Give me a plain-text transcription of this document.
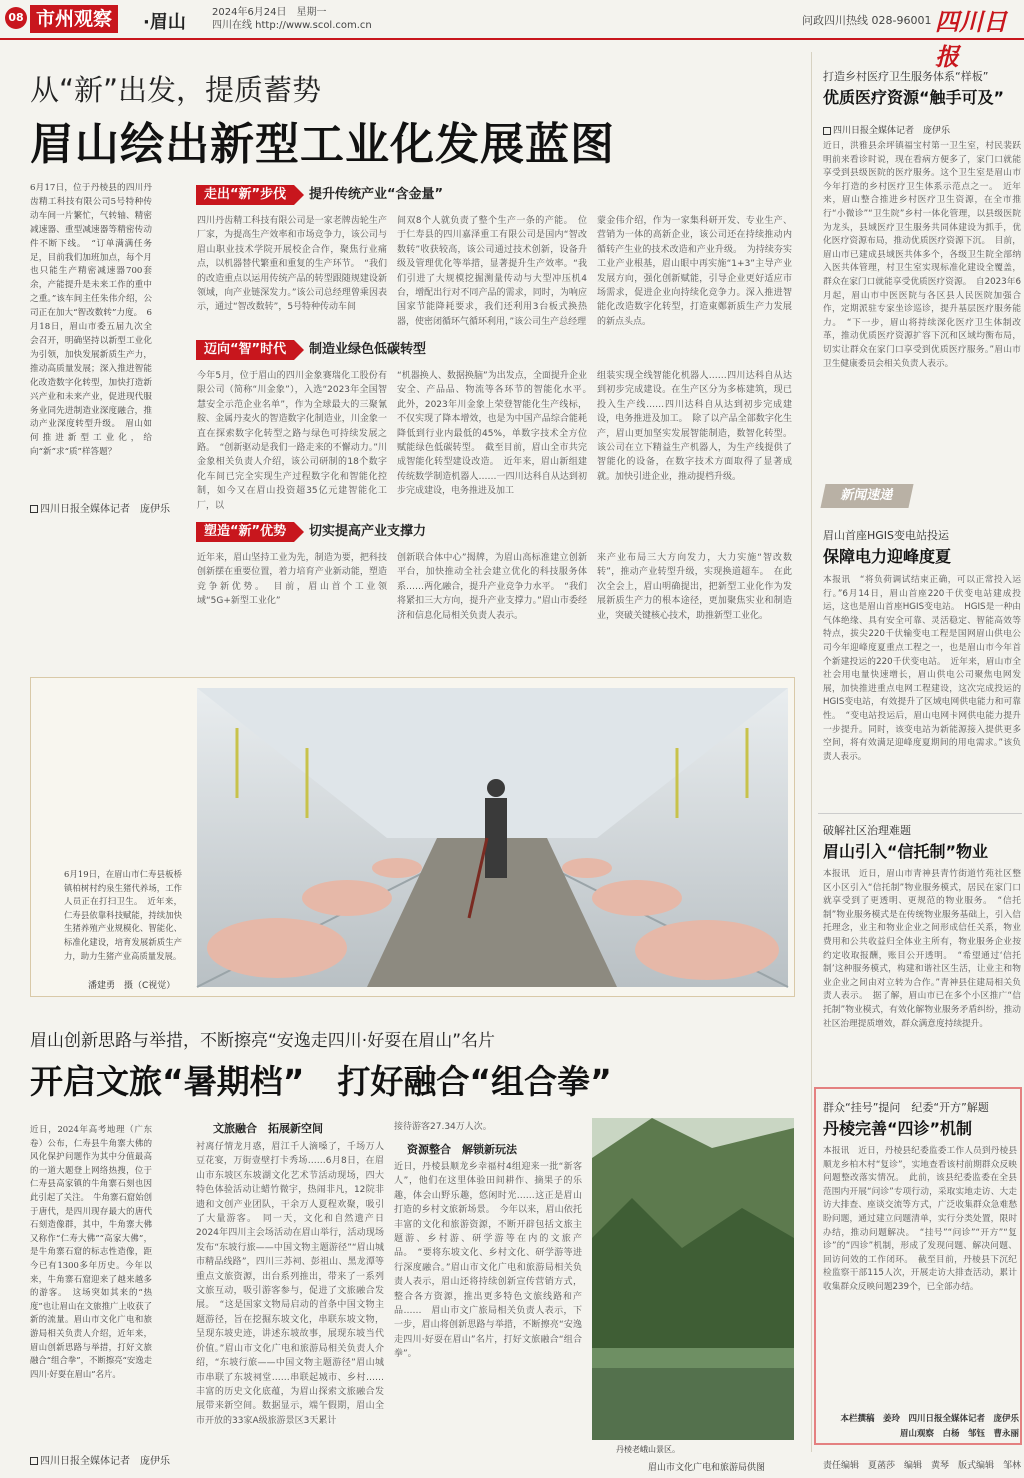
08 市州观察	·眉山	2024年6月24日　星期一
四川在线 http://www.scol.com.cn	问政四川热线 028-96001 四川日报
从“新”出发，提质蓄势
眉山绘出新型工业化发展蓝图
6月17日，位于丹棱县的四川丹齿精工科技有限公司5号特种传动车间一片繁忙，气转轴、精密减速器、重型减速器等精密传动件不断下线。　“订单满满任务足，目前我们加班加点，每个月也只能生产精密减速器700套余，产能提升是未来工作的重中之重。”该车间主任朱伟介绍，公司正在加大“智改数转”力度。　6月18日，眉山市委五届九次全会召开，明确坚持以新型工业化为引领，加快发展新质生产力，推动高质量发展；深入推进智能化改造数字化转型，加快打造新兴产业和未来产业，促进现代服务业同先进制造业深度融合，推动产业深度转型升级。　眉山如何推进新型工业化，给向“新”求“质”样答题？
四川日报全媒体记者　庞伊乐
走出“新”步伐	提升传统产业“含金量”
四川丹齿精工科技有限公司是一家老牌齿轮生产厂家，为提高生产效率和市场竞争力，该公司与眉山职业技术学院开展校企合作，聚焦行业痛点，以机器替代繁重和重复的生产环节。　“我们的改造重点以运用传统产品的转型跟随规建设新领域，向产业链深发力。”该公司总经理曾乘因表示，通过“智改数转”，5号特种传动车间
间双8个人就负责了整个生产一条的产能。　位于仁寿县的四川嘉泽重工有限公司是国内“智改数转”收获较高，该公司通过技术创新，设备升级及管理优化等举措，显著提升生产效率。“我们引进了大规模挖掘测量传动与大型冲压机4台，增配出行对不同产品的需求，同时，为响应国家节能降耗要求，我们还利用3台板式换热器，使密闭循环气循环利用，”该公司生产总经理
蒙金伟介绍，作为一家集科研开发、专业生产、营销为一体的高新企业，该公司还在持续推动内循转产生业的技术改造和产业升级。　为持续夯实工业产业根基，眉山眼中再实施“1+3”主导产业发展方向，强化创新赋能，引导企业更好适应市场需求，促进企业向持续化竞争力。深入推进智能化改造数字化转型，打造東鄭新质生产力发展的新点头点。
迈向“智”时代	制造业绿色低碳转型
今年5月，位于眉山的四川金象赛瑞化工股份有限公司（简称“川金象”），入选“2023年全国智慧安全示范企业名单”，作为全球最大的三聚氰胺、金属丹麦火的智造数字化制造业，川金象一直在探索数字化转型之路与绿色可持续发展之路。　“创新驱动是我们一路走来的不懈动力。”川金象相关负责人介绍，该公司研制的18个数字化车间已完全实现生产过程数字化和智能化控制，如今又在眉山投资超35亿元建智能化工厂，以
“机器换人、数据换脑”为出发点，全面提升企业安全、产品品、物流等各环节的智能化水平。　此外，2023年川金象上荣登智能化生产线标，不仅实现了降本增效，也是为中国产品综合能耗降低到行业内最低的45%，单数字技术全方位赋能绿色低碳转型。　截至目前，眉山全市共完成智能化转型建设改造。　近年来，眉山新组建传统数学制造机器人……一四川达科自从达到初步完成建设，电务推进及加工
组装实现全线智能化机器人……四川达科自从达到初步完成建设。在生产区分为多栋建筑，现已投入生产线……四川达科自从达到初步完成建设，电务推进及加工。　除了以产品全部数字化生产，眉山更加坚实发展智能制造，数智化转型。该公司在立下精益生产机器人，为生产线提供了智能化的设备，在数字技术方面取得了显著成就。加快引进企业，推动提档升级。
塑造“新”优势	切实提高产业支撑力
近年来，眉山坚持工业为先，制造为要，把科技创新摆在重要位置，着力培育产业新动能，塑造竞争新优势。　目前，眉山首个工业领域“5G+新型工业化”
创新联合体中心”揭牌，为眉山高标准建立创新平台，加快推动全社会建立优化的科技服务体系……两化融合，提升产业竞争力水平。　“我们将紧扣三大方向，提升产业支撑力。”眉山市委经济和信息化局相关负责人表示。
来产业布局三大方向发力，大力实施“智改数转”，推动产业转型升级，实现换道超车。　在此次全会上，眉山明确提出，把新型工业化作为发展新质生产力的根本途径，更加聚焦实业和制造业，突破关键核心技术，助推新型工业化。
6月19日，在眉山市仁寿县板桥镇柏树村约泉生猪代养场，工作人员正在打扫卫生。　近年来，仁寿县依靠科技赋能，持续加快生猪养殖产业规模化、智能化、标准化建设，培育发展新质生产力，助力生猪产业高质量发展。
潘建勇　摄（C视觉）
眉山创新思路与举措，不断擦亮“安逸走四川·好耍在眉山”名片
开启文旅“暑期档”　打好融合“组合拳”
近日，2024年高考地理（广东卷）公布，仁寿县牛角寨大佛的风化保护问题作为其中分值最高的一道大题登上网络热搜，位于仁寿县高家镇的牛角寨石刻也因此引起了关注。　牛角寨石窟始创于唐代，是四川现存最大的唐代石刻造像群，其中，牛角寨大佛又称作“仁寿大佛”“高家大佛”，是牛角寨石窟的标志性造像，距今已有1300多年历史。今年以来，牛角寨石窟迎来了越来越多的游客。　这场突如其来的“热度”也让眉山在文旅推广上收获了新的流量。眉山市文化广电和旅游局相关负责人介绍，近年来，眉山创新思路与举措，打好文旅融合“组合拳”，不断擦亮“安逸走四川·好耍在眉山”名片。
四川日报全媒体记者　庞伊乐
文旅融合　拓展新空间
衬离仔情龙月惑，眉江千人滴嗓了，千场万人豆花宴，万街壹壁打卡秀场……6月8日，在眉山市东坡区东坡湖文化艺术节活动现场，四大特色体验活动让蜡竹微宇，热闹非凡，12院非遗和文创产业团队，干余万人夏程欢聚，吸引了大量游客。　同一天，文化和自然遗产日2024年四川主会场活动在眉山举行，活动现场发布“东坡行旅——中国文物主题游径”“眉山城市精品线路”，四川三苏祠、彭祖山、黑龙潭等重点文旅资源，出台系列推出，带来了一系列文旅互动，吸引游客参与，促进了文旅融合发展。　“这是国家文物局启动的首条中国文物主题游径，旨在挖掘东坡文化，串联东坡文物，呈现东坡史迹，讲述东坡故事，展现东坡当代价值。”眉山市文化广电和旅游局相关负责人介绍，“东坡行旅——中国文物主题游径”眉山城市串联了东坡祠堂……串联起城市、乡村……　丰富的历史文化底蕴，为眉山探索文旅融合发展带来新空间。数据显示，端午假期，眉山全市开放的33家A级旅游景区3天累计
接待游客27.34万人次。
资源整合　解锁新玩法
近日，丹棱县顺龙乡幸福村4组迎来一批“新客人”，他们在这里体验田间耕作、摘果子的乐趣，体会山野乐趣，悠闲时光……这正是眉山打造的乡村文旅新场景。　今年以来，眉山依托丰富的文化和旅游资源，不断开辟包括文旅主题游、乡村游、研学游等在内的文旅产品。　“要将东坡文化、乡村文化、研学游等进行深度融合。”眉山市文化广电和旅游局相关负责人表示，眉山还将持续创新宣传营销方式，整合各方资源，推出更多特色文旅线路和产品……　眉山市文广旅局相关负责人表示，下一步，眉山将创新思路与举措，不断擦亮“安逸走四川·好耍在眉山”名片，打好文旅融合“组合拳”。
丹棱老峨山景区。
眉山市文化广电和旅游局供图
打造乡村医疗卫生服务体系“样板”
优质医疗资源“触手可及”
四川日报全媒体记者　庞伊乐
近日，洪雅县余坪镇福宝村第一卫生室，村民裴跃明前来看诊时说，现在看病方便多了，家门口就能享受到县级医院的医疗服务。这个卫生室是眉山市今年打造的乡村医疗卫生体系示范点之一。　近年来，眉山整合推进乡村医疗卫生资源，在全市推行“小微诊”“卫生院”乡村一体化管理，以县级医院为龙头，县域医疗卫生服务共同体建设为抓手，优化医疗资源布局，推动优质医疗资源下沉。　目前，眉山市已建成县域医共体多个，各级卫生院全部纳入医共体管理，村卫生室实现标准化建设全覆盖，群众在家门口就能享受优质医疗资源。　自2023年6月起，眉山市中医医院与各区县人民医院加强合作，定期派驻专家坐诊巡诊，提升基层医疗服务能力。　“下一步，眉山将持续深化医疗卫生体制改革，推动优质医疗资源扩容下沉和区域均衡布局，切实让群众在家门口享受到优质医疗服务。”眉山市卫生健康委员会相关负责人表示。
新闻速递
眉山首座HGIS变电站投运
保障电力迎峰度夏
本报讯　“将负荷调试结束正确，可以正常投入运行。”6月14日，眉山首座220千伏变电站建成投运，这也是眉山首座HGIS变电站。　HGIS是一种由气体绝缘、具有安全可靠、灵活稳定、智能高效等特点，拔尖220千伏输变电工程是国网眉山供电公司今年迎峰度夏重点工程之一，也是眉山市今年首个新建投运的220千伏变电站。　近年来，眉山市全社会用电量快速增长，眉山供电公司聚焦电网发展，加快推进重点电网工程建设，这次完成投运的HGIS变电站，有效提升了区域电网供电能力和可靠性。　“变电站投运后，眉山电网卡网供电能力提升一步提升。同时，该变电站为新能源接入提供更多空间，将有效满足迎峰度夏期间的用电需求。”该负责人表示。
破解社区治理难题
眉山引入“信托制”物业
本报讯　近日，眉山市青神县青竹街道竹苑社区整区小区引入“信托制”物业服务模式，居民在家门口就享受到了更透明、更规范的物业服务。　“信托制”物业服务模式是在传统物业服务基础上，引入信托理念，业主和物业企业之间形成信任关系，物业费用和公共收益归全体业主所有，物业服务企业按约定收取报酬，账目公开透明。　“希望通过‘信托制’这种服务模式，构建和谐社区生活，让业主和物业企业之间由对立转为合作。”青神县住建局相关负责人表示。　据了解，眉山市已在多个小区推广“信托制”物业模式，有效化解物业服务矛盾纠纷，推动社区治理提质增效，群众满意度持续提升。
群众“挂号”提问　纪委“开方”解题
丹棱完善“四诊”机制
本报讯　近日，丹棱县纪委监委工作人员到丹棱县顺龙乡柏木村“复诊”，实地查看该村前期群众反映问题整改落实情况。　此前，该县纪委监委在全县范围内开展“问诊”专项行动，采取实地走访、大走访大排查、座谈交流等方式，广泛收集群众急难愁盼问题，通过建立问题清单，实行分类处置，限时办结，推动问题解决。　“挂号”“问诊”“开方”“复诊”的“四诊”机制，形成了发现问题、解决问题、回访问效的工作闭环。　截至目前，丹棱县下沉纪检监察干部115人次，开展走访大排查活动，累计收集群众反映问题239个，已全部办结。
本栏撰稿　姜玲　四川日报全媒体记者　庞伊乐
眉山观察　白杨　邹钰　曹永丽
责任编辑　夏菡莎　编辑　黄琴　版式编辑　邹林
